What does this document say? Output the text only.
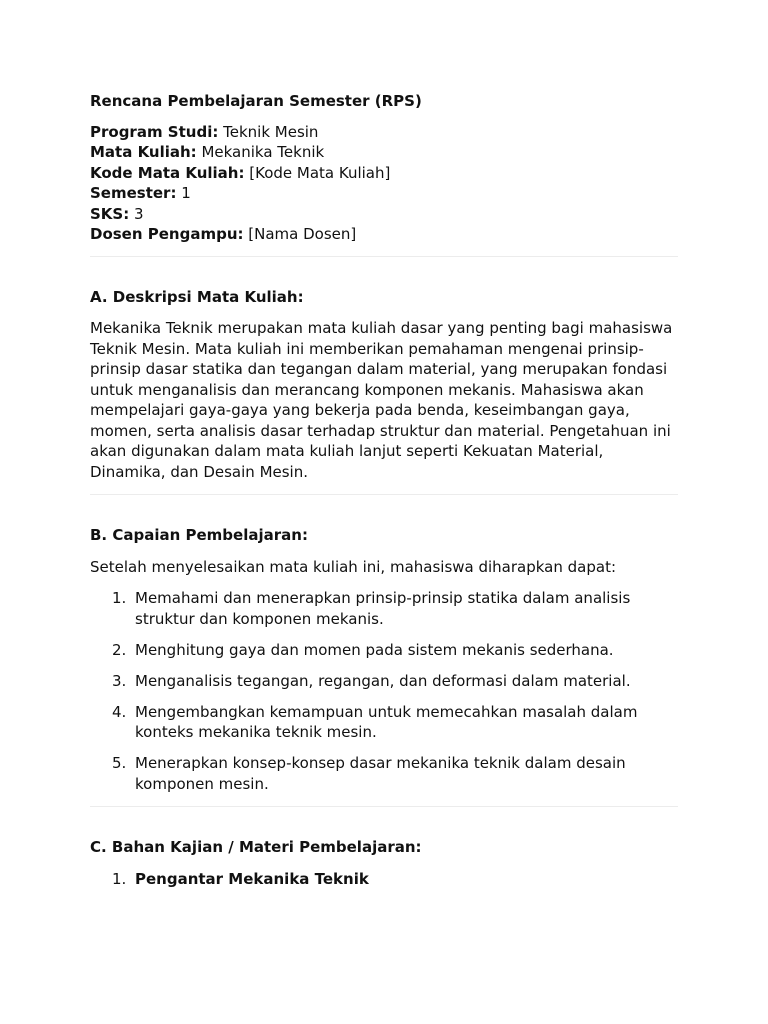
Rencana Pembelajaran Semester (RPS)
Program Studi: Teknik Mesin
Mata Kuliah: Mekanika Teknik
Kode Mata Kuliah: [Kode Mata Kuliah]
Semester: 1
SKS: 3
Dosen Pengampu: [Nama Dosen]
A. Deskripsi Mata Kuliah:

Mekanika Teknik merupakan mata kuliah dasar yang penting bagi mahasiswa Teknik Mesin. Mata kuliah ini memberikan pemahaman mengenai prinsip-prinsip dasar statika dan tegangan dalam material, yang merupakan fondasi untuk menganalisis dan merancang komponen mekanis. Mahasiswa akan mempelajari gaya-gaya yang bekerja pada benda, keseimbangan gaya, momen, serta analisis dasar terhadap struktur dan material. Pengetahuan ini akan digunakan dalam mata kuliah lanjut seperti Kekuatan Material, Dinamika, dan Desain Mesin.

B. Capaian Pembelajaran:

Setelah menyelesaikan mata kuliah ini, mahasiswa diharapkan dapat:

1. Memahami dan menerapkan prinsip-prinsip statika dalam analisis struktur dan komponen mekanis.
2. Menghitung gaya dan momen pada sistem mekanis sederhana.
3. Menganalisis tegangan, regangan, dan deformasi dalam material.
4. Mengembangkan kemampuan untuk memecahkan masalah dalam konteks mekanika teknik mesin.
5. Menerapkan konsep-konsep dasar mekanika teknik dalam desain komponen mesin.
C. Bahan Kajian / Materi Pembelajaran:
1. Pengantar Mekanika Teknik
